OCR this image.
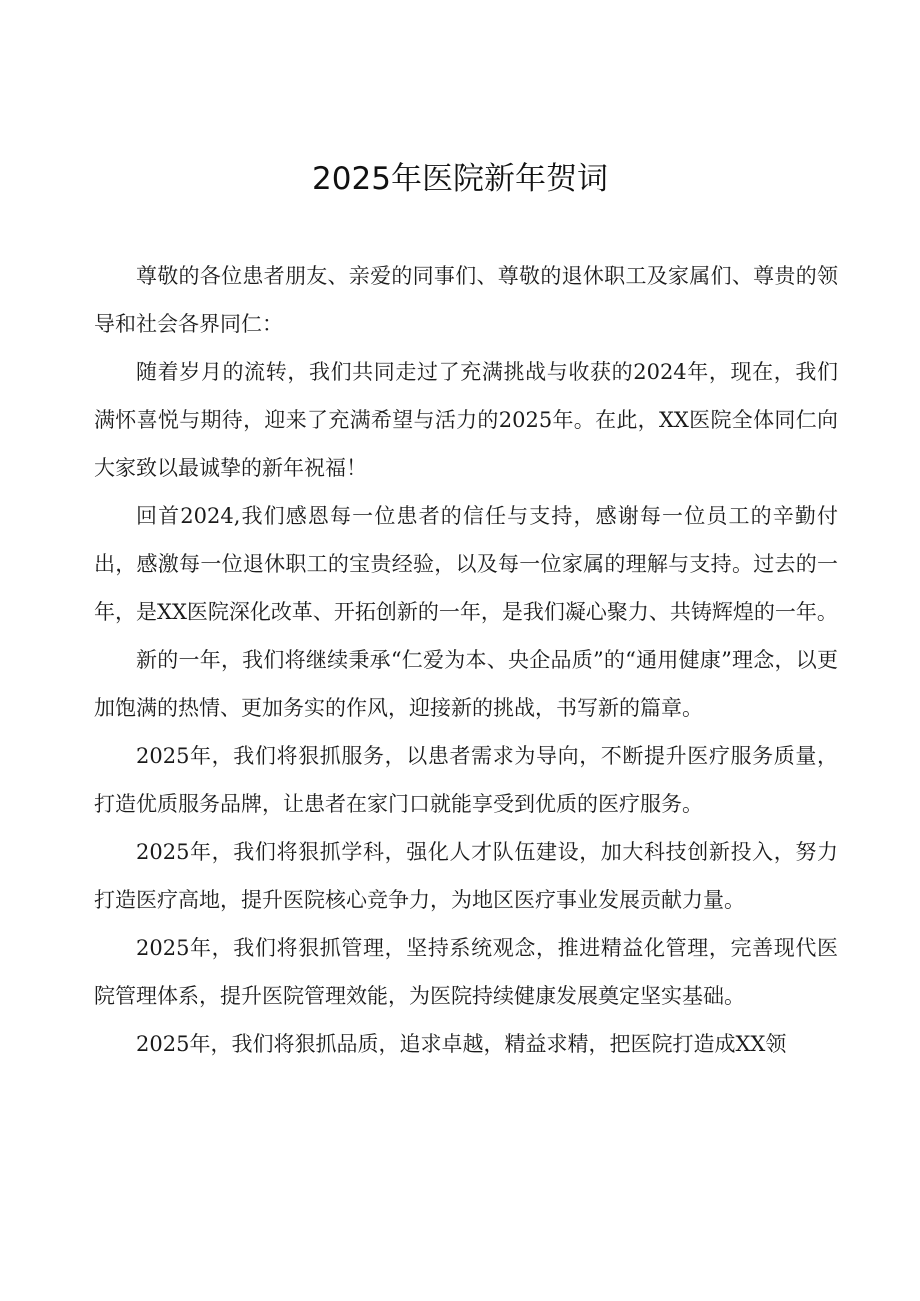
2025年医院新年贺词

尊敬的各位患者朋友、亲爱的同事们、尊敬的退休职工及家属们、尊贵的领导和社会各界同仁：

随着岁月的流转，我们共同走过了充满挑战与收获的2024年，现在，我们满怀喜悦与期待，迎来了充满希望与活力的2025年。在此，XX医院全体同仁向大家致以最诚挚的新年祝福！

回首2024,我们感恩每一位患者的信任与支持，感谢每一位员工的辛勤付出，感激每一位退休职工的宝贵经验，以及每一位家属的理解与支持。过去的一年，是XX医院深化改革、开拓创新的一年，是我们凝心聚力、共铸辉煌的一年。

新的一年，我们将继续秉承“仁爱为本、央企品质”的“通用健康”理念，以更加饱满的热情、更加务实的作风，迎接新的挑战，书写新的篇章。

2025年，我们将狠抓服务，以患者需求为导向，不断提升医疗服务质量，打造优质服务品牌，让患者在家门口就能享受到优质的医疗服务。

2025年，我们将狠抓学科，强化人才队伍建设，加大科技创新投入，努力打造医疗高地，提升医院核心竞争力，为地区医疗事业发展贡献力量。

2025年，我们将狠抓管理，坚持系统观念，推进精益化管理，完善现代医院管理体系，提升医院管理效能，为医院持续健康发展奠定坚实基础。

2025年，我们将狠抓品质，追求卓越，精益求精，把医院打造成XX领
